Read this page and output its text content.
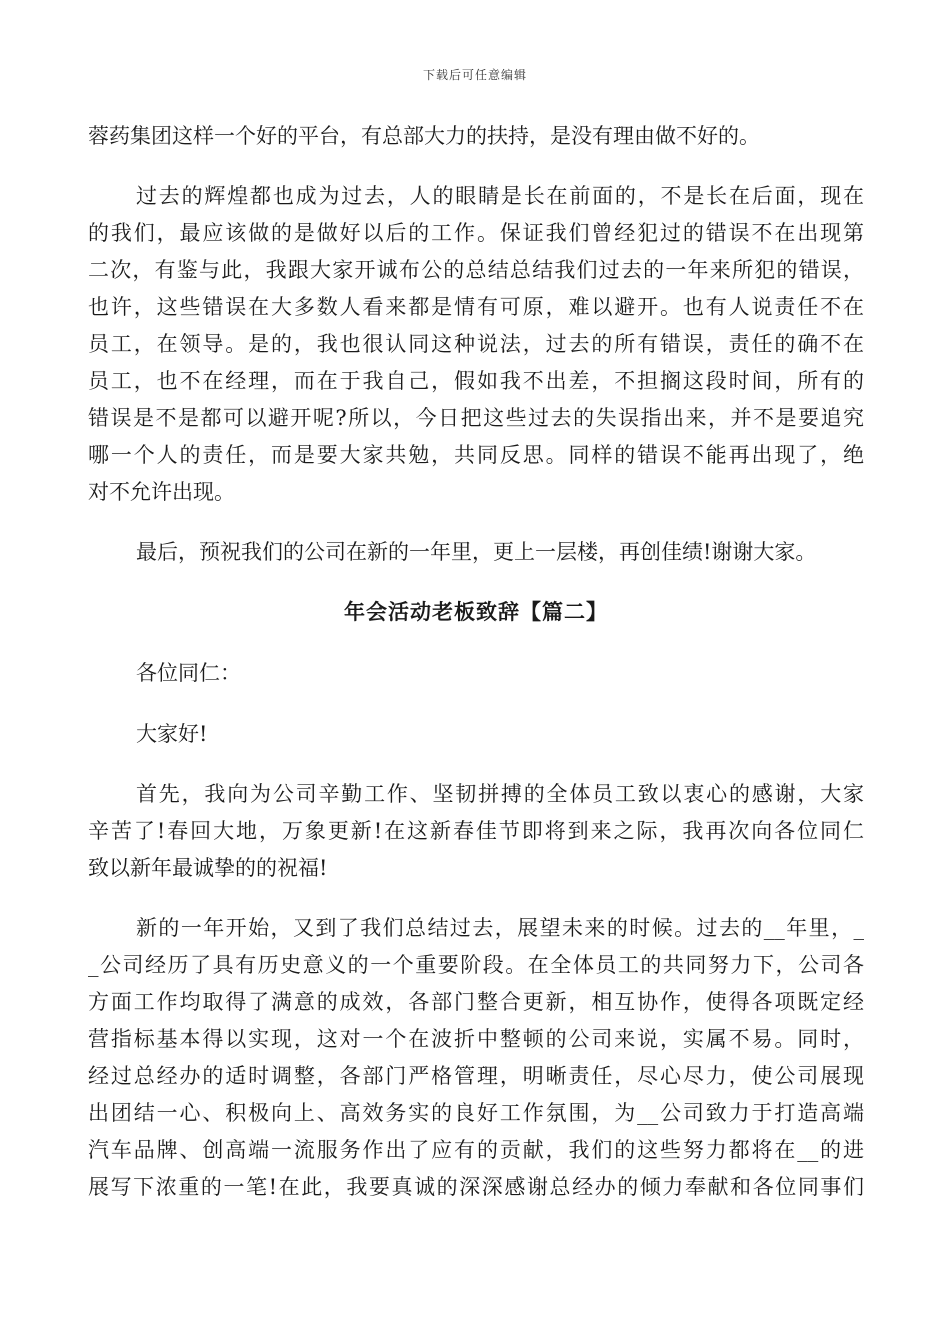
下载后可任意编辑
蓉药集团这样一个好的平台，有总部大力的扶持，是没有理由做不好的。
过去的辉煌都也成为过去，人的眼睛是长在前面的，不是长在后面，现在
的我们，最应该做的是做好以后的工作。保证我们曾经犯过的错误不在出现第
二次，有鉴与此，我跟大家开诚布公的总结总结我们过去的一年来所犯的错误，
也许，这些错误在大多数人看来都是情有可原，难以避开。也有人说责任不在
员工，在领导。是的，我也很认同这种说法，过去的所有错误，责任的确不在
员工，也不在经理，而在于我自己，假如我不出差，不担搁这段时间，所有的
错误是不是都可以避开呢?所以，今日把这些过去的失误指出来，并不是要追究
哪一个人的责任，而是要大家共勉，共同反思。同样的错误不能再出现了，绝
对不允许出现。
最后，预祝我们的公司在新的一年里，更上一层楼，再创佳绩!谢谢大家。
年会活动老板致辞【篇二】
各位同仁：
大家好!
首先，我向为公司辛勤工作、坚韧拼搏的全体员工致以衷心的感谢，大家
辛苦了!春回大地，万象更新!在这新春佳节即将到来之际，我再次向各位同仁
致以新年最诚挚的的祝福!
新的一年开始，又到了我们总结过去，展望未来的时候。过去的__年里，_
_公司经历了具有历史意义的一个重要阶段。在全体员工的共同努力下，公司各
方面工作均取得了满意的成效，各部门整合更新，相互协作，使得各项既定经
营指标基本得以实现，这对一个在波折中整顿的公司来说，实属不易。同时，
经过总经办的适时调整，各部门严格管理，明晰责任，尽心尽力，使公司展现
出团结一心、积极向上、高效务实的良好工作氛围，为__公司致力于打造高端
汽车品牌、创高端一流服务作出了应有的贡献，我们的这些努力都将在__的进
展写下浓重的一笔!在此，我要真诚的深深感谢总经办的倾力奉献和各位同事们
